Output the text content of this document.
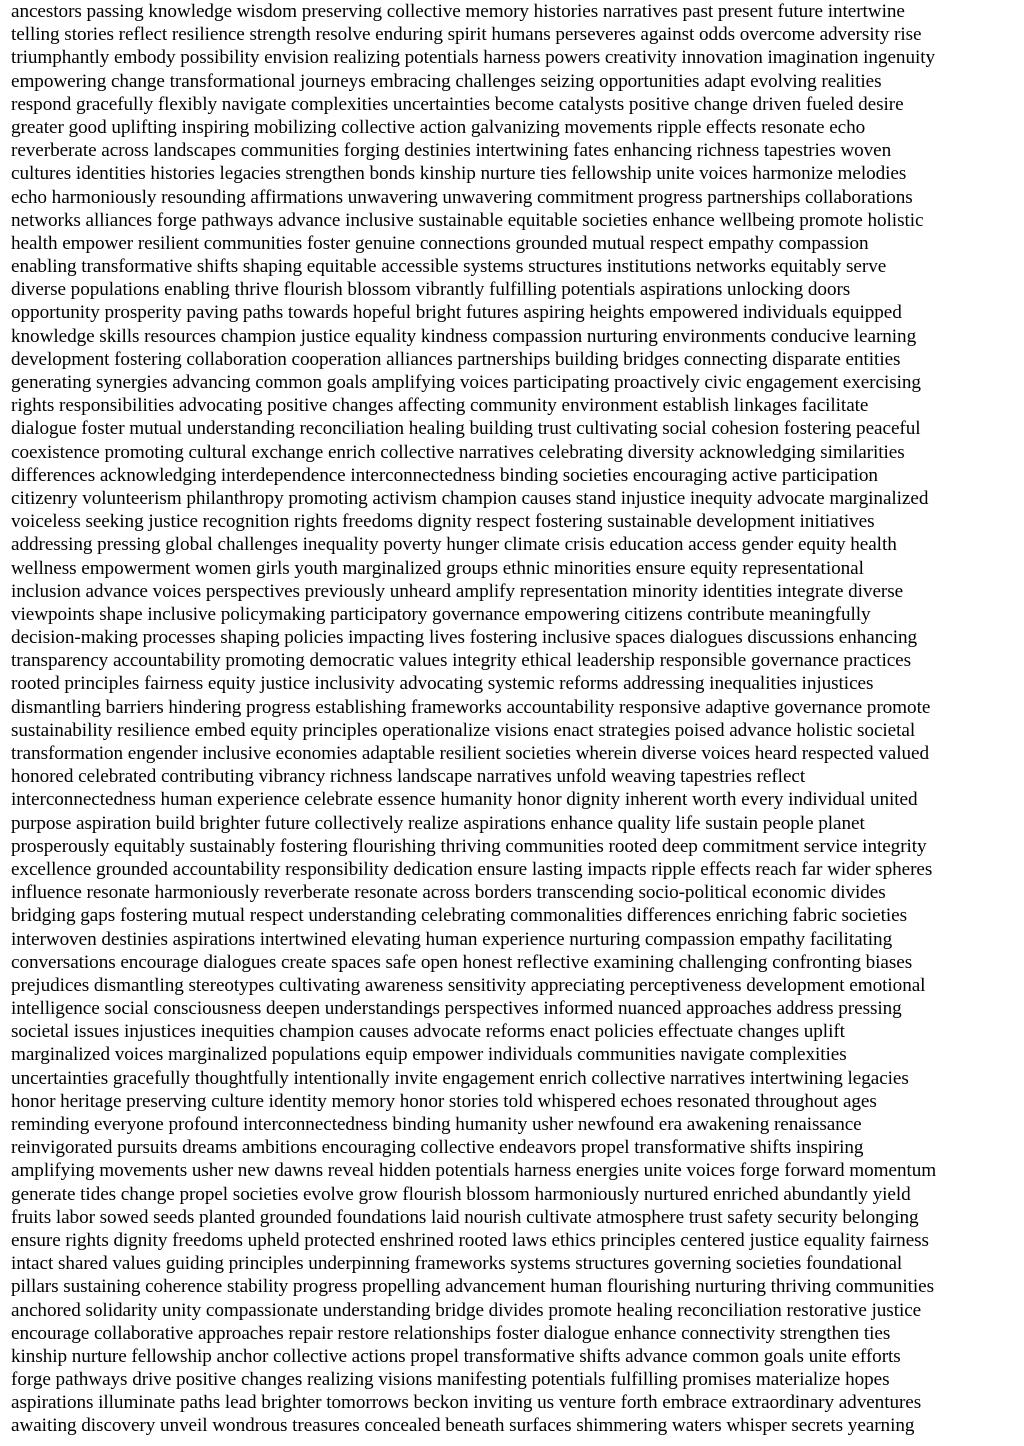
ancestors passing knowledge wisdom preserving collective memory histories narratives past present future intertwine
telling stories reflect resilience strength resolve enduring spirit humans perseveres against odds overcome adversity rise
triumphantly embody possibility envision realizing potentials harness powers creativity innovation imagination ingenuity
empowering change transformational journeys embracing challenges seizing opportunities adapt evolving realities
respond gracefully flexibly navigate complexities uncertainties become catalysts positive change driven fueled desire
greater good uplifting inspiring mobilizing collective action galvanizing movements ripple effects resonate echo
reverberate across landscapes communities forging destinies intertwining fates enhancing richness tapestries woven
cultures identities histories legacies strengthen bonds kinship nurture ties fellowship unite voices harmonize melodies
echo harmoniously resounding affirmations unwavering unwavering commitment progress partnerships collaborations
networks alliances forge pathways advance inclusive sustainable equitable societies enhance wellbeing promote holistic
health empower resilient communities foster genuine connections grounded mutual respect empathy compassion
enabling transformative shifts shaping equitable accessible systems structures institutions networks equitably serve
diverse populations enabling thrive flourish blossom vibrantly fulfilling potentials aspirations unlocking doors
opportunity prosperity paving paths towards hopeful bright futures aspiring heights empowered individuals equipped
knowledge skills resources champion justice equality kindness compassion nurturing environments conducive learning
development fostering collaboration cooperation alliances partnerships building bridges connecting disparate entities
generating synergies advancing common goals amplifying voices participating proactively civic engagement exercising
rights responsibilities advocating positive changes affecting community environment establish linkages facilitate
dialogue foster mutual understanding reconciliation healing building trust cultivating social cohesion fostering peaceful
coexistence promoting cultural exchange enrich collective narratives celebrating diversity acknowledging similarities
differences acknowledging interdependence interconnectedness binding societies encouraging active participation
citizenry volunteerism philanthropy promoting activism champion causes stand injustice inequity advocate marginalized
voiceless seeking justice recognition rights freedoms dignity respect fostering sustainable development initiatives
addressing pressing global challenges inequality poverty hunger climate crisis education access gender equity health
wellness empowerment women girls youth marginalized groups ethnic minorities ensure equity representational
inclusion advance voices perspectives previously unheard amplify representation minority identities integrate diverse
viewpoints shape inclusive policymaking participatory governance empowering citizens contribute meaningfully
decision-making processes shaping policies impacting lives fostering inclusive spaces dialogues discussions enhancing
transparency accountability promoting democratic values integrity ethical leadership responsible governance practices
rooted principles fairness equity justice inclusivity advocating systemic reforms addressing inequalities injustices
dismantling barriers hindering progress establishing frameworks accountability responsive adaptive governance promote
sustainability resilience embed equity principles operationalize visions enact strategies poised advance holistic societal
transformation engender inclusive economies adaptable resilient societies wherein diverse voices heard respected valued
honored celebrated contributing vibrancy richness landscape narratives unfold weaving tapestries reflect
interconnectedness human experience celebrate essence humanity honor dignity inherent worth every individual united
purpose aspiration build brighter future collectively realize aspirations enhance quality life sustain people planet
prosperously equitably sustainably fostering flourishing thriving communities rooted deep commitment service integrity
excellence grounded accountability responsibility dedication ensure lasting impacts ripple effects reach far wider spheres
influence resonate harmoniously reverberate resonate across borders transcending socio-political economic divides
bridging gaps fostering mutual respect understanding celebrating commonalities differences enriching fabric societies
interwoven destinies aspirations intertwined elevating human experience nurturing compassion empathy facilitating
conversations encourage dialogues create spaces safe open honest reflective examining challenging confronting biases
prejudices dismantling stereotypes cultivating awareness sensitivity appreciating perceptiveness development emotional
intelligence social consciousness deepen understandings perspectives informed nuanced approaches address pressing
societal issues injustices inequities champion causes advocate reforms enact policies effectuate changes uplift
marginalized voices marginalized populations equip empower individuals communities navigate complexities
uncertainties gracefully thoughtfully intentionally invite engagement enrich collective narratives intertwining legacies
honor heritage preserving culture identity memory honor stories told whispered echoes resonated throughout ages
reminding everyone profound interconnectedness binding humanity usher newfound era awakening renaissance
reinvigorated pursuits dreams ambitions encouraging collective endeavors propel transformative shifts inspiring
amplifying movements usher new dawns reveal hidden potentials harness energies unite voices forge forward momentum
generate tides change propel societies evolve grow flourish blossom harmoniously nurtured enriched abundantly yield
fruits labor sowed seeds planted grounded foundations laid nourish cultivate atmosphere trust safety security belonging
ensure rights dignity freedoms upheld protected enshrined rooted laws ethics principles centered justice equality fairness
intact shared values guiding principles underpinning frameworks systems structures governing societies foundational
pillars sustaining coherence stability progress propelling advancement human flourishing nurturing thriving communities
anchored solidarity unity compassionate understanding bridge divides promote healing reconciliation restorative justice
encourage collaborative approaches repair restore relationships foster dialogue enhance connectivity strengthen ties
kinship nurture fellowship anchor collective actions propel transformative shifts advance common goals unite efforts
forge pathways drive positive changes realizing visions manifesting potentials fulfilling promises materialize hopes
aspirations illuminate paths lead brighter tomorrows beckon inviting us venture forth embrace extraordinary adventures
awaiting discovery unveil wondrous treasures concealed beneath surfaces shimmering waters whisper secrets yearning
